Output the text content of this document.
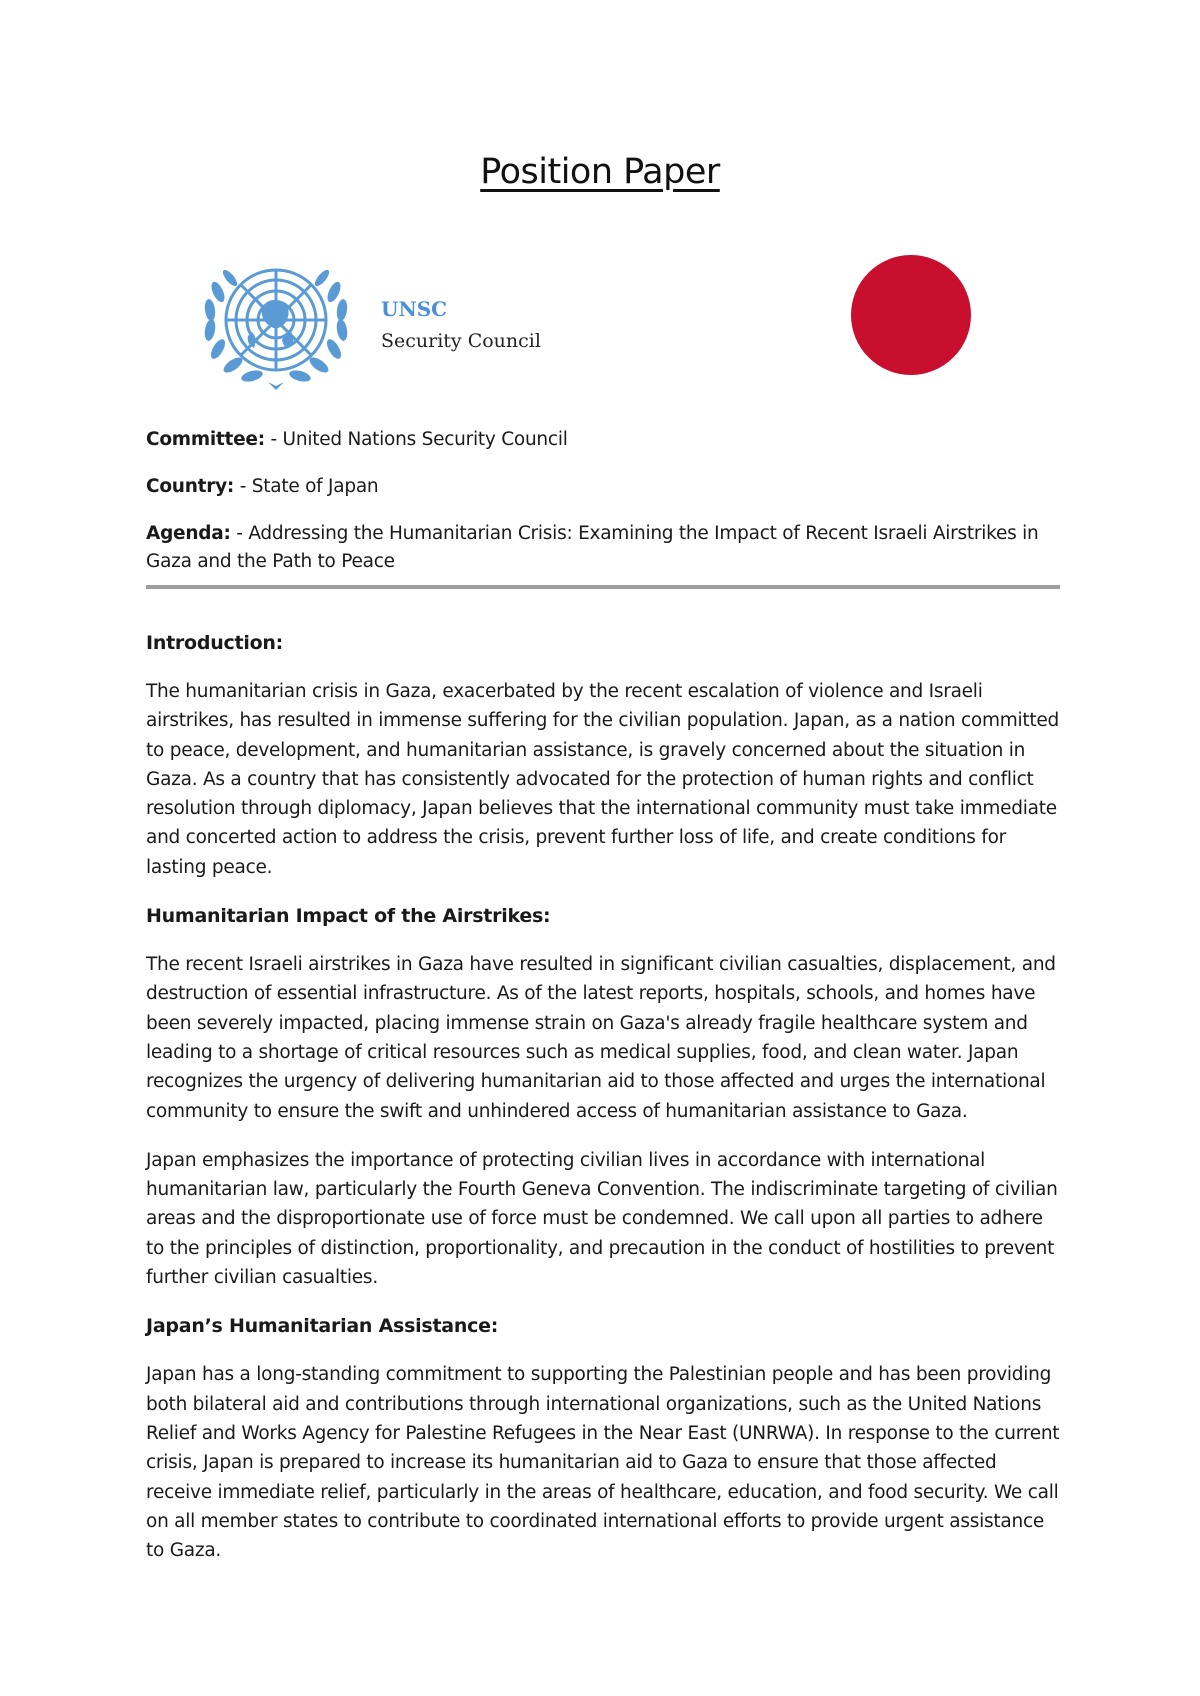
Position Paper
UNSC
Security Council

Committee: - United Nations Security Council

Country: - State of Japan

Agenda: - Addressing the Humanitarian Crisis: Examining the Impact of Recent Israeli Airstrikes in Gaza and the Path to Peace

Introduction:

The humanitarian crisis in Gaza, exacerbated by the recent escalation of violence and Israeli airstrikes, has resulted in immense suffering for the civilian population. Japan, as a nation committed to peace, development, and humanitarian assistance, is gravely concerned about the situation in Gaza. As a country that has consistently advocated for the protection of human rights and conflict resolution through diplomacy, Japan believes that the international community must take immediate and concerted action to address the crisis, prevent further loss of life, and create conditions for lasting peace.

Humanitarian Impact of the Airstrikes:

The recent Israeli airstrikes in Gaza have resulted in significant civilian casualties, displacement, and destruction of essential infrastructure. As of the latest reports, hospitals, schools, and homes have been severely impacted, placing immense strain on Gaza's already fragile healthcare system and leading to a shortage of critical resources such as medical supplies, food, and clean water. Japan recognizes the urgency of delivering humanitarian aid to those affected and urges the international community to ensure the swift and unhindered access of humanitarian assistance to Gaza.

Japan emphasizes the importance of protecting civilian lives in accordance with international humanitarian law, particularly the Fourth Geneva Convention. The indiscriminate targeting of civilian areas and the disproportionate use of force must be condemned. We call upon all parties to adhere to the principles of distinction, proportionality, and precaution in the conduct of hostilities to prevent further civilian casualties.

Japan’s Humanitarian Assistance:

Japan has a long-standing commitment to supporting the Palestinian people and has been providing both bilateral aid and contributions through international organizations, such as the United Nations Relief and Works Agency for Palestine Refugees in the Near East (UNRWA). In response to the current crisis, Japan is prepared to increase its humanitarian aid to Gaza to ensure that those affected receive immediate relief, particularly in the areas of healthcare, education, and food security. We call on all member states to contribute to coordinated international efforts to provide urgent assistance to Gaza.
